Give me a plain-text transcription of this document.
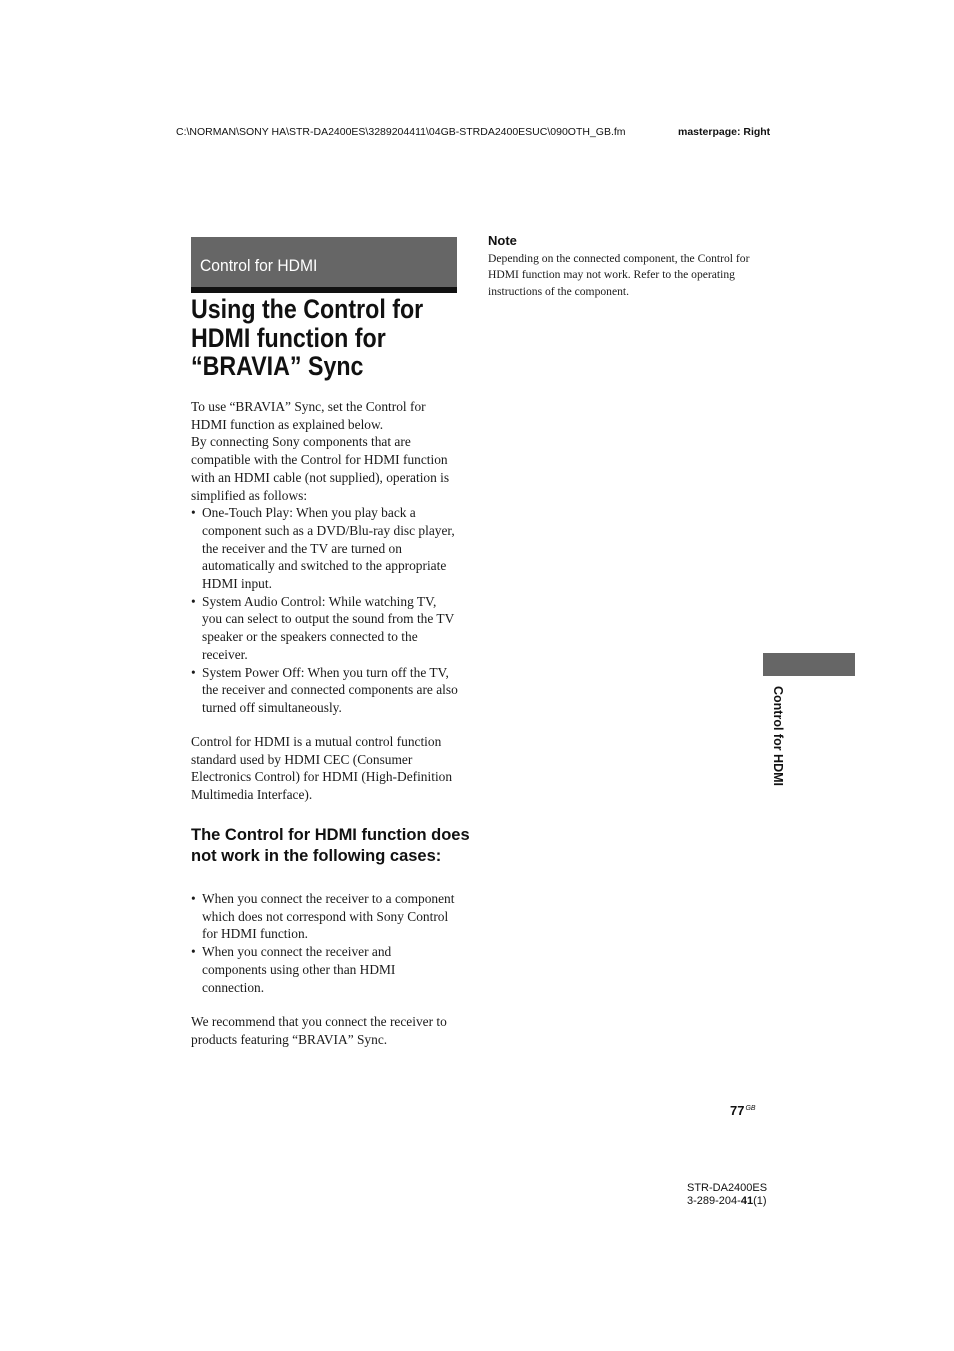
C:\NORMAN\SONY HA\STR-DA2400ES\3289204411\04GB-STRDA2400ESUC\090OTH_GB.fm	masterpage: Right
Control for HDMI
Using the Control for
HDMI function for
“BRAVIA” Sync

To use “BRAVIA” Sync, set the Control for HDMI function as explained below.

By connecting Sony components that are compatible with the Control for HDMI function with an HDMI cable (not supplied), operation is simplified as follows:

• One-Touch Play: When you play back a component such as a DVD/Blu-ray disc player, the receiver and the TV are turned on automatically and switched to the appropriate HDMI input.
• System Audio Control: While watching TV, you can select to output the sound from the TV speaker or the speakers connected to the receiver.
• System Power Off: When you turn off the TV, the receiver and connected components are also turned off simultaneously.
Control for HDMI is a mutual control function standard used by HDMI CEC (Consumer Electronics Control) for HDMI (High-Definition Multimedia Interface).
The Control for HDMI function does not work in the following cases:
• When you connect the receiver to a component which does not correspond with Sony Control for HDMI function.
• When you connect the receiver and components using other than HDMI connection.
We recommend that you connect the receiver to products featuring “BRAVIA” Sync.
Note
Depending on the connected component, the Control for HDMI function may not work. Refer to the operating instructions of the component.
Control for HDMI
$77^{GB}$
STR-DA2400ES
3-289-204-41(1)
